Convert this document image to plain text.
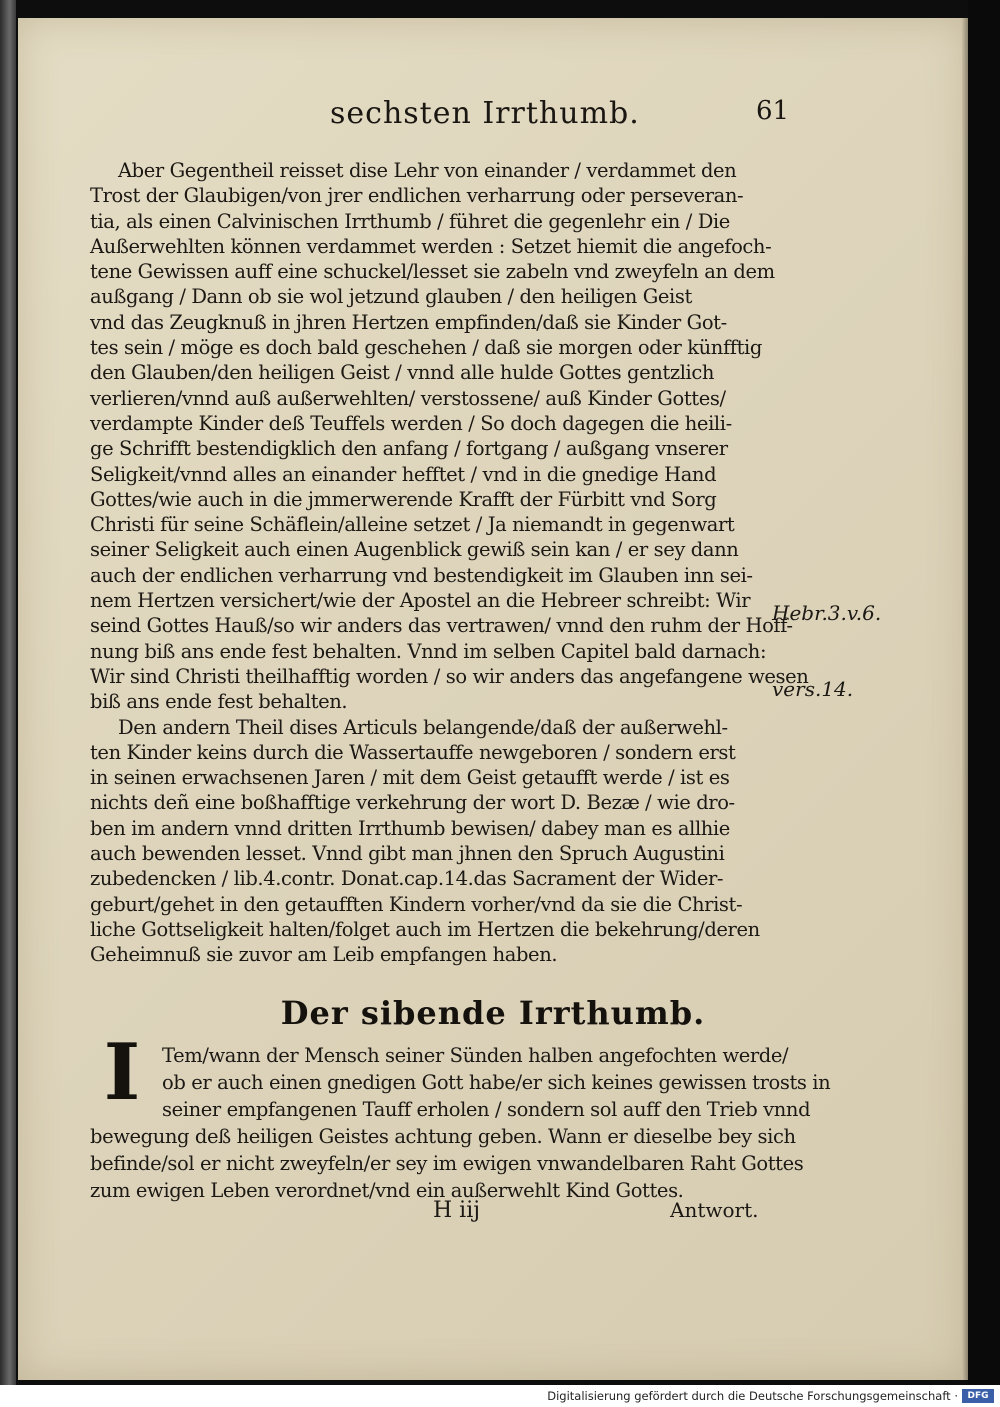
sechsten Irrthumb.	61
Aber Gegentheil reisset dise Lehr von einander / verdammet den
Trost der Glaubigen/von jrer endlichen verharrung oder perseveran-
tia, als einen Calvinischen Irrthumb / führet die gegenlehr ein / Die
Außerwehlten können verdammet werden : Setzet hiemit die angefoch-
tene Gewissen auff eine schuckel/lesset sie zabeln vnd zweyfeln an dem
außgang / Dann ob sie wol jetzund glauben / den heiligen Geist
vnd das Zeugknuß in jhren Hertzen empfinden/daß sie Kinder Got-
tes sein / möge es doch bald geschehen / daß sie morgen oder künfftig
den Glauben/den heiligen Geist / vnnd alle hulde Gottes gentzlich
verlieren/vnnd auß außerwehlten/ verstossene/ auß Kinder Gottes/
verdampte Kinder deß Teuffels werden / So doch dagegen die heili-
ge Schrifft bestendigklich den anfang / fortgang / außgang vnserer
Seligkeit/vnnd alles an einander hefftet / vnd in die gnedige Hand
Gottes/wie auch in die jmmerwerende Krafft der Fürbitt vnd Sorg
Christi für seine Schäflein/alleine setzet / Ja niemandt in gegenwart
seiner Seligkeit auch einen Augenblick gewiß sein kan / er sey dann
auch der endlichen verharrung vnd bestendigkeit im Glauben inn sei-
nem Hertzen versichert/wie der Apostel an die Hebreer schreibt: Wir
seind Gottes Hauß/so wir anders das vertrawen/ vnnd den ruhm der Hoff-
nung biß ans ende fest behalten. Vnnd im selben Capitel bald darnach:
Wir sind Christi theilhafftig worden / so wir anders das angefangene wesen
biß ans ende fest behalten.
Den andern Theil dises Articuls belangende/daß der außerwehl-
ten Kinder keins durch die Wassertauffe newgeboren / sondern erst
in seinen erwachsenen Jaren / mit dem Geist getaufft werde / ist es
nichts deñ eine boßhafftige verkehrung der wort D. Bezæ / wie dro-
ben im andern vnnd dritten Irrthumb bewisen/ dabey man es allhie
auch bewenden lesset. Vnnd gibt man jhnen den Spruch Augustini
zubedencken / lib.4.contr. Donat.cap.14.das Sacrament der Wider-
geburt/gehet in den getaufften Kindern vorher/vnd da sie die Christ-
liche Gottseligkeit halten/folget auch im Hertzen die bekehrung/deren
Geheimnuß sie zuvor am Leib empfangen haben.
Hebr.3.v.6.
vers.14.
Der sibende Irrthumb.
I	Tem/wann der Mensch seiner Sünden halben angefochten werde/
ob er auch einen gnedigen Gott habe/er sich keines gewissen trosts in
seiner empfangenen Tauff erholen / sondern sol auff den Trieb vnnd
bewegung deß heiligen Geistes achtung geben. Wann er dieselbe bey sich
befinde/sol er nicht zweyfeln/er sey im ewigen vnwandelbaren Raht Gottes
zum ewigen Leben verordnet/vnd ein außerwehlt Kind Gottes.
H iij	Antwort.
Digitalisierung gefördert durch die Deutsche Forschungsgemeinschaft ·	DFG
